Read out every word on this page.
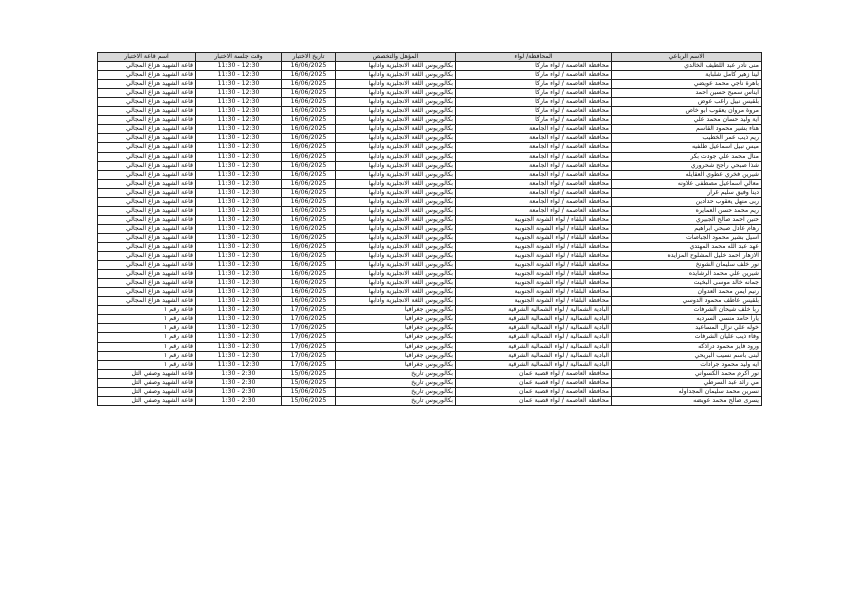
الاسم الرباعي	المحافظة/ لواء	المؤهل والتخصص	تاريخ الاختبار	وقت جلسة الاختبار	اسم قاعة الاختبار
منى نادر عبد اللطيف الخالدي	محافظة العاصمة / لواء ماركا	بكالوريوس اللغة الانجليزية وآدابها	16/06/2025	12:30 - 11:30	قاعة الشهيد هزاع المجالي
لينا زهير كامل شلباية	محافظة العاصمة / لواء ماركا	بكالوريوس اللغة الانجليزية وآدابها	16/06/2025	12:30 - 11:30	قاعة الشهيد هزاع المجالي
باهرة ناجي محمد عويضي	محافظة العاصمة / لواء ماركا	بكالوريوس اللغة الانجليزية وآدابها	16/06/2025	12:30 - 11:30	قاعة الشهيد هزاع المجالي
ايناس سميح حسين احمد	محافظة العاصمة / لواء ماركا	بكالوريوس اللغة الانجليزية وآدابها	16/06/2025	12:30 - 11:30	قاعة الشهيد هزاع المجالي
بلقيس نبيل راغب عوض	محافظة العاصمة / لواء ماركا	بكالوريوس اللغة الانجليزية وآدابها	16/06/2025	12:30 - 11:30	قاعة الشهيد هزاع المجالي
مروة مروان يعقوب ابو خاص	محافظة العاصمة / لواء ماركا	بكالوريوس اللغة الانجليزية وآدابها	16/06/2025	12:30 - 11:30	قاعة الشهيد هزاع المجالي
آية وليد حسان محمد علي	محافظة العاصمة / لواء ماركا	بكالوريوس اللغة الانجليزية وآدابها	16/06/2025	12:30 - 11:30	قاعة الشهيد هزاع المجالي
هناء بشير محمود القاسم	محافظة العاصمة / لواء الجامعة	بكالوريوس اللغة الانجليزية وآدابها	16/06/2025	12:30 - 11:30	قاعة الشهيد هزاع المجالي
ريم ذيب عمر الخطيب	محافظة العاصمة / لواء الجامعة	بكالوريوس اللغة الانجليزية وآدابها	16/06/2025	12:30 - 11:30	قاعة الشهيد هزاع المجالي
ميس نبيل اسماعيل طلفيه	محافظة العاصمة / لواء الجامعة	بكالوريوس اللغة الانجليزية وآدابها	16/06/2025	12:30 - 11:30	قاعة الشهيد هزاع المجالي
منال محمد علي جودت بكر	محافظة العاصمة / لواء الجامعة	بكالوريوس اللغة الانجليزية وآدابها	16/06/2025	12:30 - 11:30	قاعة الشهيد هزاع المجالي
شذا صبحي راجح شحروري	محافظة العاصمة / لواء الجامعة	بكالوريوس اللغة الانجليزية وآدابها	16/06/2025	12:30 - 11:30	قاعة الشهيد هزاع المجالي
شيرين فخري عطوي العقايله	محافظة العاصمة / لواء الجامعة	بكالوريوس اللغة الانجليزية وآدابها	16/06/2025	12:30 - 11:30	قاعة الشهيد هزاع المجالي
معالي اسماعيل مصطفى علاونه	محافظة العاصمة / لواء الجامعة	بكالوريوس اللغة الانجليزية وآدابها	16/06/2025	12:30 - 11:30	قاعة الشهيد هزاع المجالي
دينا وفيق سليم غرار	محافظة العاصمة / لواء الجامعة	بكالوريوس اللغة الانجليزية وآدابها	16/06/2025	12:30 - 11:30	قاعة الشهيد هزاع المجالي
ربى منهل يعقوب حدادين	محافظة العاصمة / لواء الجامعة	بكالوريوس اللغة الانجليزية وآدابها	16/06/2025	12:30 - 11:30	قاعة الشهيد هزاع المجالي
ريم محمد حسن العمايره	محافظة العاصمة / لواء الجامعة	بكالوريوس اللغة الانجليزية وآدابها	16/06/2025	12:30 - 11:30	قاعة الشهيد هزاع المجالي
حنين احمد صالح الجبيري	محافظة البلقاء / لواء الشونة الجنوبية	بكالوريوس اللغة الانجليزية وآدابها	16/06/2025	12:30 - 11:30	قاعة الشهيد هزاع المجالي
رهام عادل صبحي ابراهيم	محافظة البلقاء / لواء الشونة الجنوبية	بكالوريوس اللغة الانجليزية وآدابها	16/06/2025	12:30 - 11:30	قاعة الشهيد هزاع المجالي
اسيل بشير محمود الجباصات	محافظة البلقاء / لواء الشونة الجنوبية	بكالوريوس اللغة الانجليزية وآدابها	16/06/2025	12:30 - 11:30	قاعة الشهيد هزاع المجالي
عهد عبد الله محمد المهتدي	محافظة البلقاء / لواء الشونة الجنوبية	بكالوريوس اللغة الانجليزية وآدابها	16/06/2025	12:30 - 11:30	قاعة الشهيد هزاع المجالي
الازهار احمد خليل المشلوح المزايده	محافظة البلقاء / لواء الشونة الجنوبية	بكالوريوس اللغة الانجليزية وآدابها	16/06/2025	12:30 - 11:30	قاعة الشهيد هزاع المجالي
نور خلف سليمان الشونخ	محافظة البلقاء / لواء الشونة الجنوبية	بكالوريوس اللغة الانجليزية وآدابها	16/06/2025	12:30 - 11:30	قاعة الشهيد هزاع المجالي
شيرين علي محمد الرشايده	محافظة البلقاء / لواء الشونة الجنوبية	بكالوريوس اللغة الانجليزية وآدابها	16/06/2025	12:30 - 11:30	قاعة الشهيد هزاع المجالي
جمانه خالد موسى البخيت	محافظة البلقاء / لواء الشونة الجنوبية	بكالوريوس اللغة الانجليزية وآدابها	16/06/2025	12:30 - 11:30	قاعة الشهيد هزاع المجالي
رنيم ايمن محمد العدوان	محافظة البلقاء / لواء الشونة الجنوبية	بكالوريوس اللغة الانجليزية وآدابها	16/06/2025	12:30 - 11:30	قاعة الشهيد هزاع المجالي
بلقيس عاطف محمود الدوسي	محافظة البلقاء / لواء الشونة الجنوبية	بكالوريوس اللغة الانجليزية وآدابها	16/06/2025	12:30 - 11:30	قاعة الشهيد هزاع المجالي
ربا خلف شيحان الشرفات	البادية الشمالية / لواء الشمالية الشرقية	بكالوريوس جغرافيا	17/06/2025	12:30 - 11:30	قاعة رقم ١
يارا حامد منسي السرديه	البادية الشمالية / لواء الشمالية الشرقية	بكالوريوس جغرافيا	17/06/2025	12:30 - 11:30	قاعة رقم ١
خوله علي نزال المساعيد	البادية الشمالية / لواء الشمالية الشرقية	بكالوريوس جغرافيا	17/06/2025	12:30 - 11:30	قاعة رقم ١
وفاء ذيب عليان الشرفات	البادية الشمالية / لواء الشمالية الشرقية	بكالوريوس جغرافيا	17/06/2025	12:30 - 11:30	قاعة رقم ١
ورود فايز محمود دراذكه	البادية الشمالية / لواء الشمالية الشرقية	بكالوريوس جغرافيا	17/06/2025	12:30 - 11:30	قاعة رقم ١
لبنى باسم نسيب البريحي	البادية الشمالية / لواء الشمالية الشرقية	بكالوريوس جغرافيا	17/06/2025	12:30 - 11:30	قاعة رقم ١
ايه وليد محمود جرادات	البادية الشمالية / لواء الشمالية الشرقية	بكالوريوس جغرافيا	17/06/2025	12:30 - 11:30	قاعة رقم ١
نور اكرم محمد الكسواني	محافظة العاصمة / لواء قصبة عمان	بكالوريوس تاريخ	15/06/2025	2:30 - 1:30	قاعة الشهيد وصفي التل
مي رائد عبد السرطي	محافظة العاصمة / لواء قصبة عمان	بكالوريوس تاريخ	15/06/2025	2:30 - 1:30	قاعة الشهيد وصفي التل
نسرين محمد سليمان المجداوله	محافظة العاصمة / لواء قصبة عمان	بكالوريوس تاريخ	15/06/2025	2:30 - 1:30	قاعة الشهيد وصفي التل
يسرى صالح محمد عويضه	محافظة العاصمة / لواء قصبة عمان	بكالوريوس تاريخ	15/06/2025	2:30 - 1:30	قاعة الشهيد وصفي التل
